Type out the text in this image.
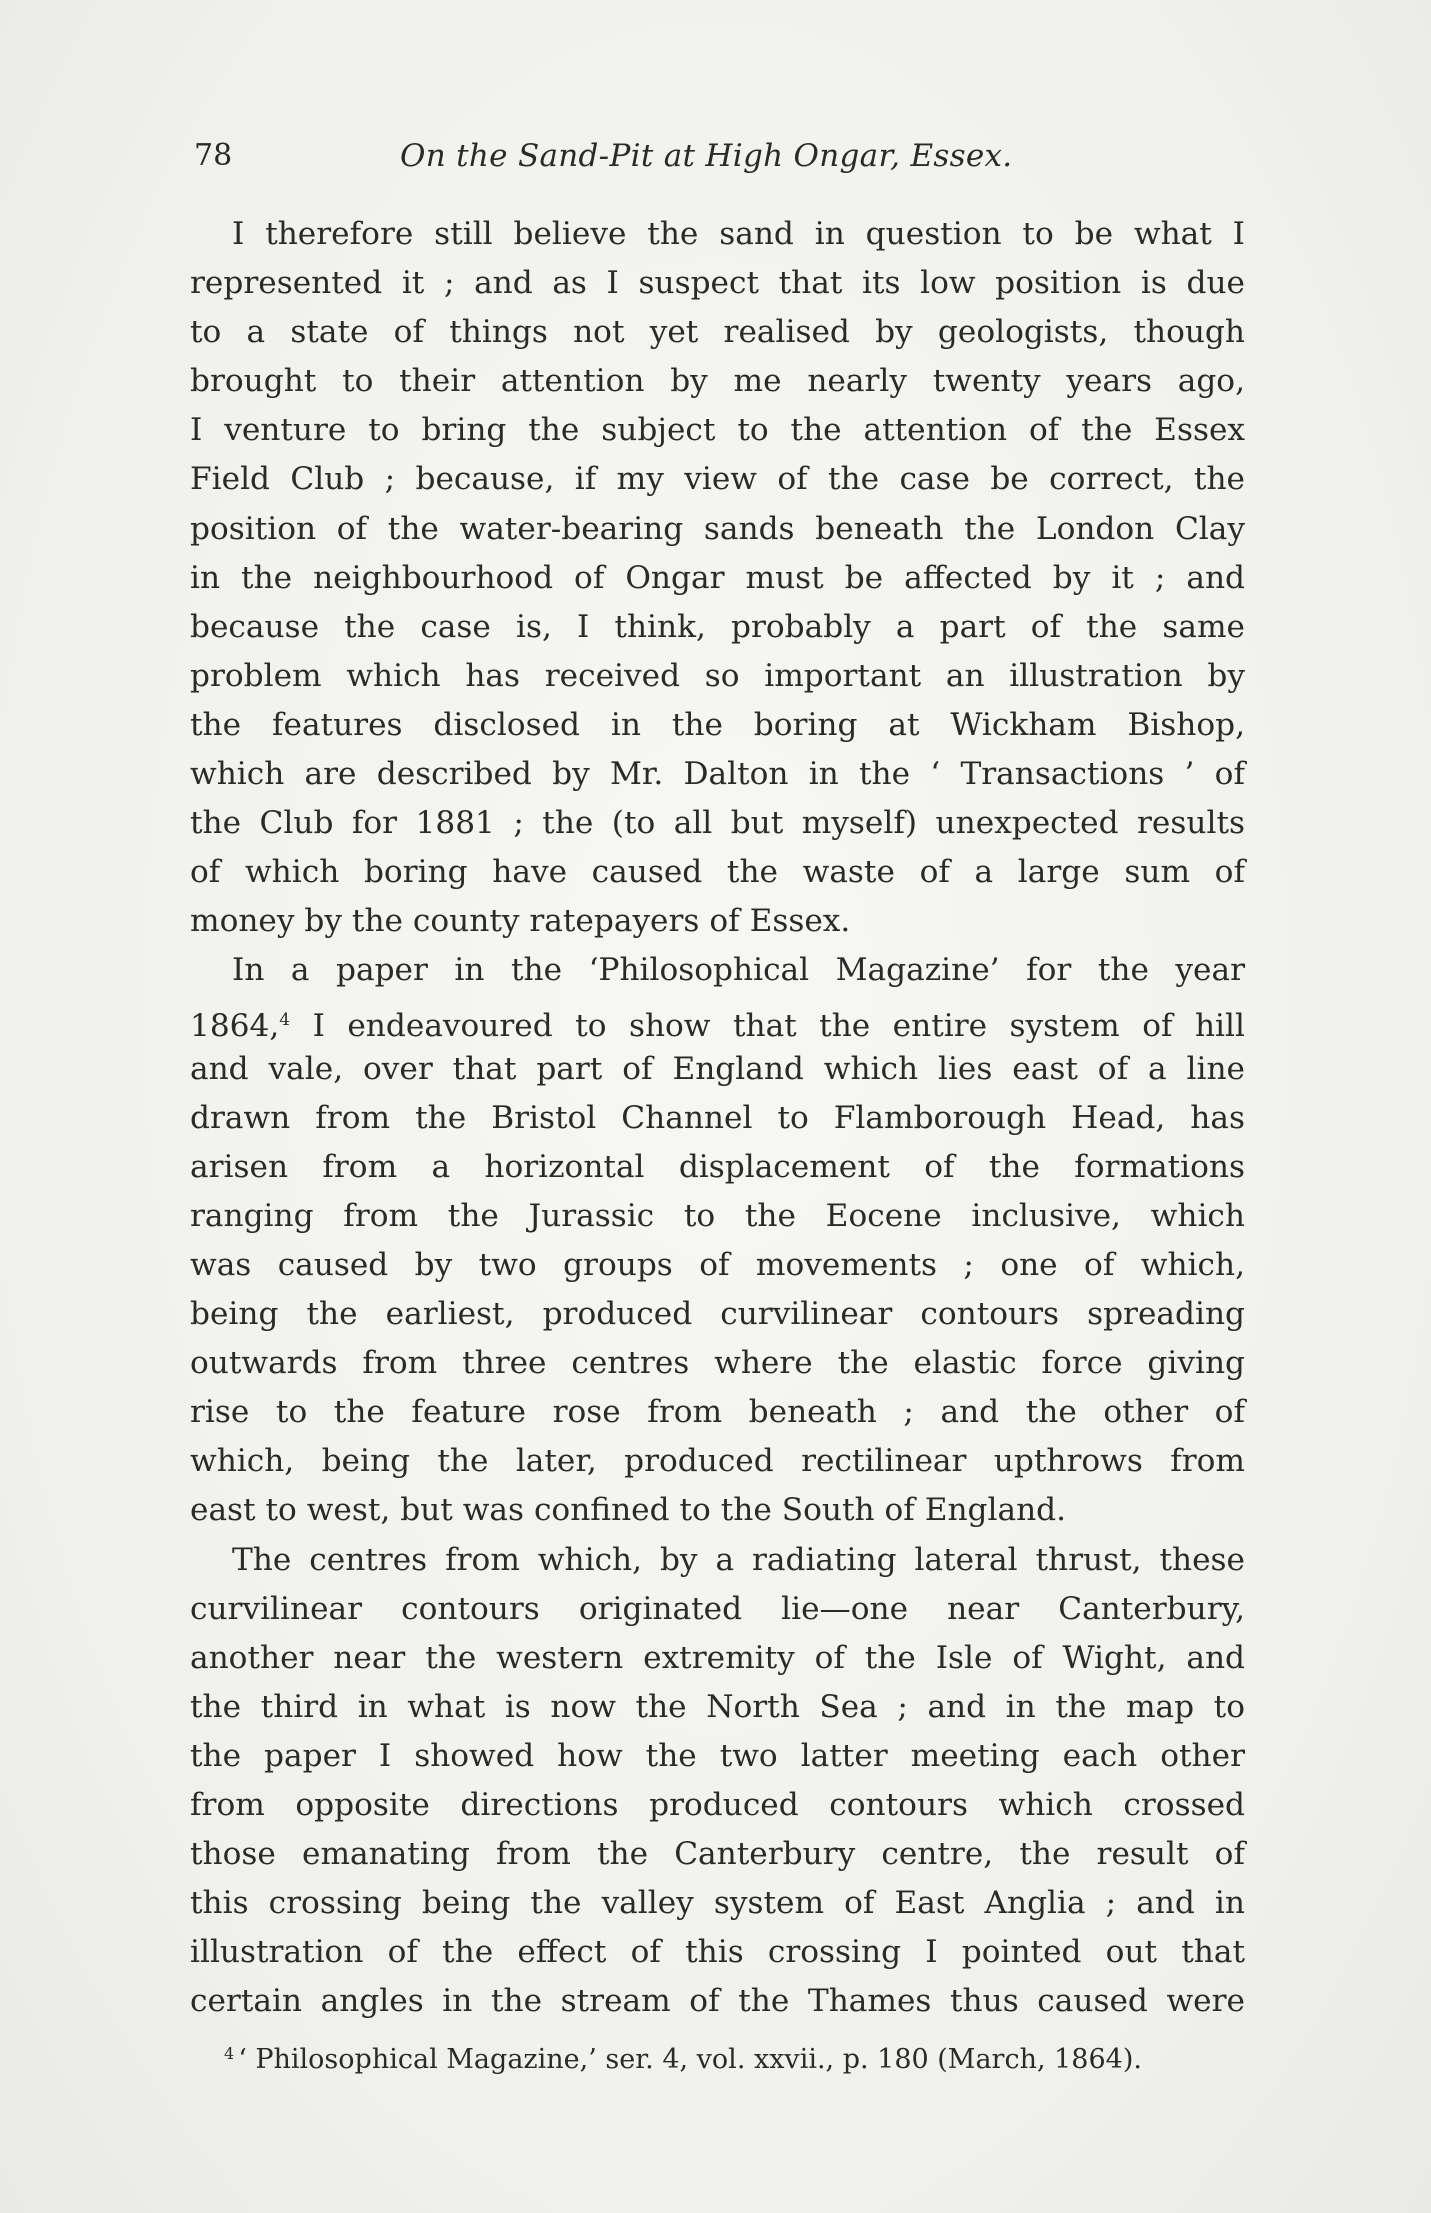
78	On the Sand-Pit at High Ongar, Essex.
I therefore still believe the sand in question to be what I
represented it ; and as I suspect that its low position is due
to a state of things not yet realised by geologists, though
brought to their attention by me nearly twenty years ago,
I venture to bring the subject to the attention of the Essex
Field Club ; because, if my view of the case be correct, the
position of the water-bearing sands beneath the London Clay
in the neighbourhood of Ongar must be affected by it ; and
because the case is, I think, probably a part of the same
problem which has received so important an illustration by
the features disclosed in the boring at Wickham Bishop,
which are described by Mr. Dalton in the ‘ Transactions ’ of
the Club for 1881 ; the (to all but myself) unexpected results
of which boring have caused the waste of a large sum of
money by the county ratepayers of Essex.
In a paper in the ‘Philosophical Magazine’ for the year
1864,$^4$ I endeavoured to show that the entire system of hill
and vale, over that part of England which lies east of a line
drawn from the Bristol Channel to Flamborough Head, has
arisen from a horizontal displacement of the formations
ranging from the Jurassic to the Eocene inclusive, which
was caused by two groups of movements ; one of which,
being the earliest, produced curvilinear contours spreading
outwards from three centres where the elastic force giving
rise to the feature rose from beneath ; and the other of
which, being the later, produced rectilinear upthrows from
east to west, but was confined to the South of England.
The centres from which, by a radiating lateral thrust, these
curvilinear contours originated lie—one near Canterbury,
another near the western extremity of the Isle of Wight, and
the third in what is now the North Sea ; and in the map to
the paper I showed how the two latter meeting each other
from opposite directions produced contours which crossed
those emanating from the Canterbury centre, the result of
this crossing being the valley system of East Anglia ; and in
illustration of the effect of this crossing I pointed out that
certain angles in the stream of the Thames thus caused were
$^4$ ‘ Philosophical Magazine,’ ser. 4, vol. xxvii., p. 180 (March, 1864).
